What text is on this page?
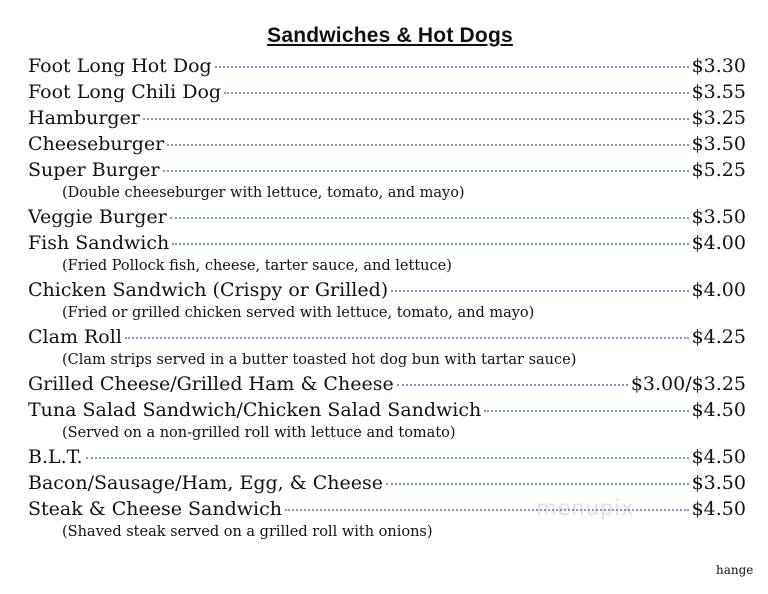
Sandwiches & Hot Dogs
Foot Long Hot Dog	$3.30
Foot Long Chili Dog	$3.55
Hamburger	$3.25
Cheeseburger	$3.50
Super Burger	$5.25
(Double cheeseburger with lettuce, tomato, and mayo)
Veggie Burger	$3.50
Fish Sandwich	$4.00
(Fried Pollock fish, cheese, tarter sauce, and lettuce)
Chicken Sandwich (Crispy or Grilled)	$4.00
(Fried or grilled chicken served with lettuce, tomato, and mayo)
Clam Roll	$4.25
(Clam strips served in a butter toasted hot dog bun with tartar sauce)
Grilled Cheese/Grilled Ham & Cheese	$3.00/$3.25
Tuna Salad Sandwich/Chicken Salad Sandwich	$4.50
(Served on a non-grilled roll with lettuce and tomato)
B.L.T.	$4.50
Bacon/Sausage/Ham, Egg, & Cheese	$3.50
Steak & Cheese Sandwich	$4.50
(Shaved steak served on a grilled roll with onions)
menupix
hange
